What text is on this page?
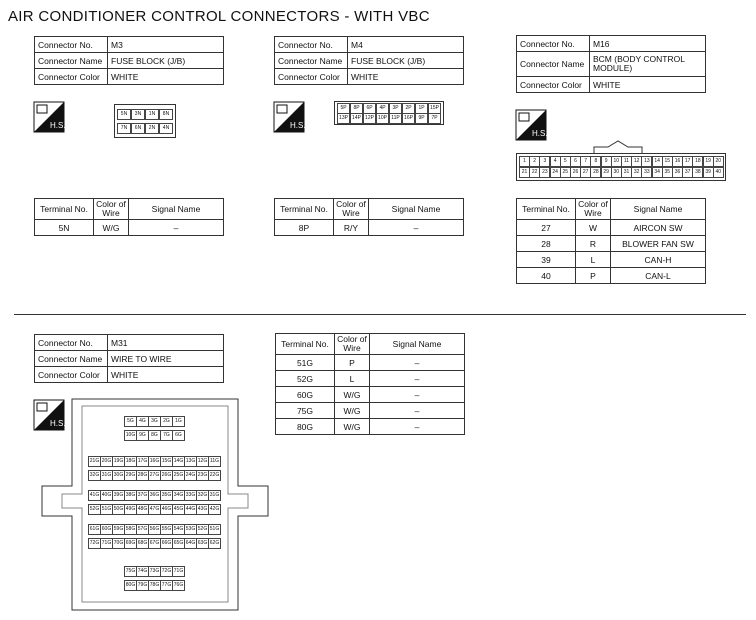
AIR CONDITIONER CONTROL CONNECTORS - WITH VBC
Connector No.	M3
Connector Name	FUSE BLOCK (J/B)
Connector Color	WHITE
H.S.
5N	3N	1N	8N
7N	6N	2N	4N
Terminal No.	Color of Wire	Signal Name
5N	W/G	–
Connector No.	M4
Connector Name	FUSE BLOCK (J/B)
Connector Color	WHITE
H.S.
5P	8P	6P	4P	3P	2P	1P	15P
13P 14P 12P 10P 11P 16P	9P	7P
Terminal No.	Color of Wire	Signal Name
8P	R/Y	–
Connector No.	M16
Connector Name	BCM (BODY CONTROL MODULE)
Connector Color	WHITE
H.S.
1	2	3	4	5	6	7	8	9	10 11 12 13 14 15 16 17 18 19 20
21 22 23 24 25 26 27 28 29 30 31 32 33 34 35 36 37 38 39 40
Terminal No.	Color of Wire	Signal Name
27	W	AIRCON SW
28	R	BLOWER FAN SW
39	L	CAN-H
40	P	CAN-L
Connector No.	M31
Connector Name	WIRE TO WIRE
Connector Color	WHITE
H.S.	5G	4G	3G	2G	1G
10G 9G	8G	7G	6G
21G 20G 19G 18G 17G 16G 15G 14G 13G 12G 11G
32G 31G 30G 29G 28G 27G 26G 25G 24G 23G 22G
41G 40G 39G 38G 37G 36G 35G 34G 33G 32G 31G
52G 51G 50G 49G 48G 47G 46G 45G 44G 43G 42G
61G 60G 59G 58G 57G 56G 55G 54G 53G 52G 51G
72G 71G 70G 69G 68G 67G 66G 65G 64G 63G 62G
75G 74G 73G 72G 71G
80G 79G 78G 77G 76G
Terminal No.	Color of Wire	Signal Name
51G	P	–
52G	L	–
60G	W/G	–
75G	W/G	–
80G	W/G	–
